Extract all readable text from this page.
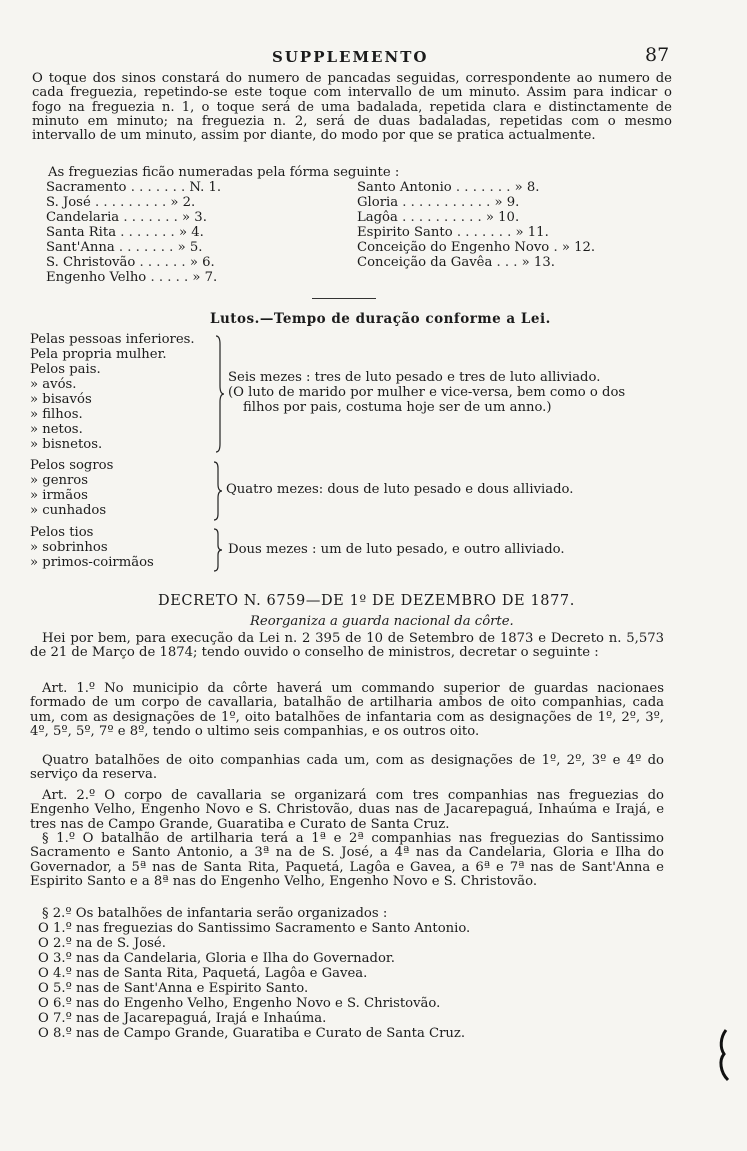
SUPPLEMENTO	87
O toque dos sinos constará do numero de pancadas seguidas, correspondente ao numero de cada freguezia, repetindo-se este toque com intervallo de um minuto. Assim para indicar o fogo na freguezia n. 1, o toque será de uma badalada, repetida clara e distinctamente de minuto em minuto; na freguezia n. 2, será de duas badaladas, repetidas com o mesmo intervallo de um minuto, assim por diante, do modo por que se pratica actualmente.
As freguezias ficão numeradas pela fórma seguinte :
Sacramento . . . . . . . N. 1.
S. José . . . . . . . . . » 2.
Candelaria . . . . . . . » 3.
Santa Rita . . . . . . . » 4.
Sant'Anna . . . . . . . » 5.
S. Christovão . . . . . . » 6.
Engenho Velho . . . . . » 7.
Santo Antonio . . . . . . . » 8.
Gloria . . . . . . . . . . . » 9.
Lagôa . . . . . . . . . . » 10.
Espirito Santo . . . . . . . » 11.
Conceição do Engenho Novo . » 12.
Conceição da Gavêa . . . » 13.
Lutos.—Tempo de duração conforme a Lei.
Pelas pessoas inferiores.
Pela propria mulher.
Pelos pais.
» avós.
» bisavós
» filhos.
» netos.
» bisnetos.
Seis mezes : tres de luto pesado e tres de luto alliviado.
(O luto de marido por mulher e vice-versa, bem como o dos
filhos por pais, costuma hoje ser de um anno.)
Pelos sogros
» genros
» irmãos
» cunhados
Quatro mezes: dous de luto pesado e dous alliviado.
Pelos tios
» sobrinhos
» primos-coirmãos
Dous mezes : um de luto pesado, e outro alliviado.
DECRETO N. 6759—DE 1º DE DEZEMBRO DE 1877.
Reorganiza a guarda nacional da côrte.
Hei por bem, para execução da Lei n. 2 395 de 10 de Setembro de 1873 e Decreto n. 5,573 de 21 de Março de 1874; tendo ouvido o conselho de ministros, decretar o seguinte :
Art. 1.º No municipio da côrte haverá um commando superior de guardas nacionaes formado de um corpo de cavallaria, batalhão de artilharia ambos de oito companhias, cada um, com as designações de 1º, oito batalhões de infantaria com as designações de 1º, 2º, 3º, 4º, 5º, 5º, 7º e 8º, tendo o ultimo seis companhias, e os outros oito.
Quatro batalhões de oito companhias cada um, com as designações de 1º, 2º, 3º e 4º do serviço da reserva.
Art. 2.º O corpo de cavallaria se organizará com tres companhias nas freguezias do Engenho Velho, Engenho Novo e S. Christovão, duas nas de Jacarepaguá, Inhaúma e Irajá, e tres nas de Campo Grande, Guaratiba e Curato de Santa Cruz.
§ 1.º O batalhão de artilharia terá a 1ª e 2ª companhias nas freguezias do Santissimo Sacramento e Santo Antonio, a 3ª na de S. José, a 4ª nas da Candelaria, Gloria e Ilha do Governador, a 5ª nas de Santa Rita, Paquetá, Lagôa e Gavea, a 6ª e 7ª nas de Sant'Anna e Espirito Santo e a 8ª nas do Engenho Velho, Engenho Novo e S. Christovão.
§ 2.º Os batalhões de infantaria serão organizados :
O 1.º nas freguezias do Santissimo Sacramento e Santo Antonio.
O 2.º na de S. José.
O 3.º nas da Candelaria, Gloria e Ilha do Governador.
O 4.º nas de Santa Rita, Paquetá, Lagôa e Gavea.
O 5.º nas de Sant'Anna e Espirito Santo.
O 6.º nas do Engenho Velho, Engenho Novo e S. Christovão.
O 7.º nas de Jacarepaguá, Irajá e Inhaúma.
O 8.º nas de Campo Grande, Guaratiba e Curato de Santa Cruz.
